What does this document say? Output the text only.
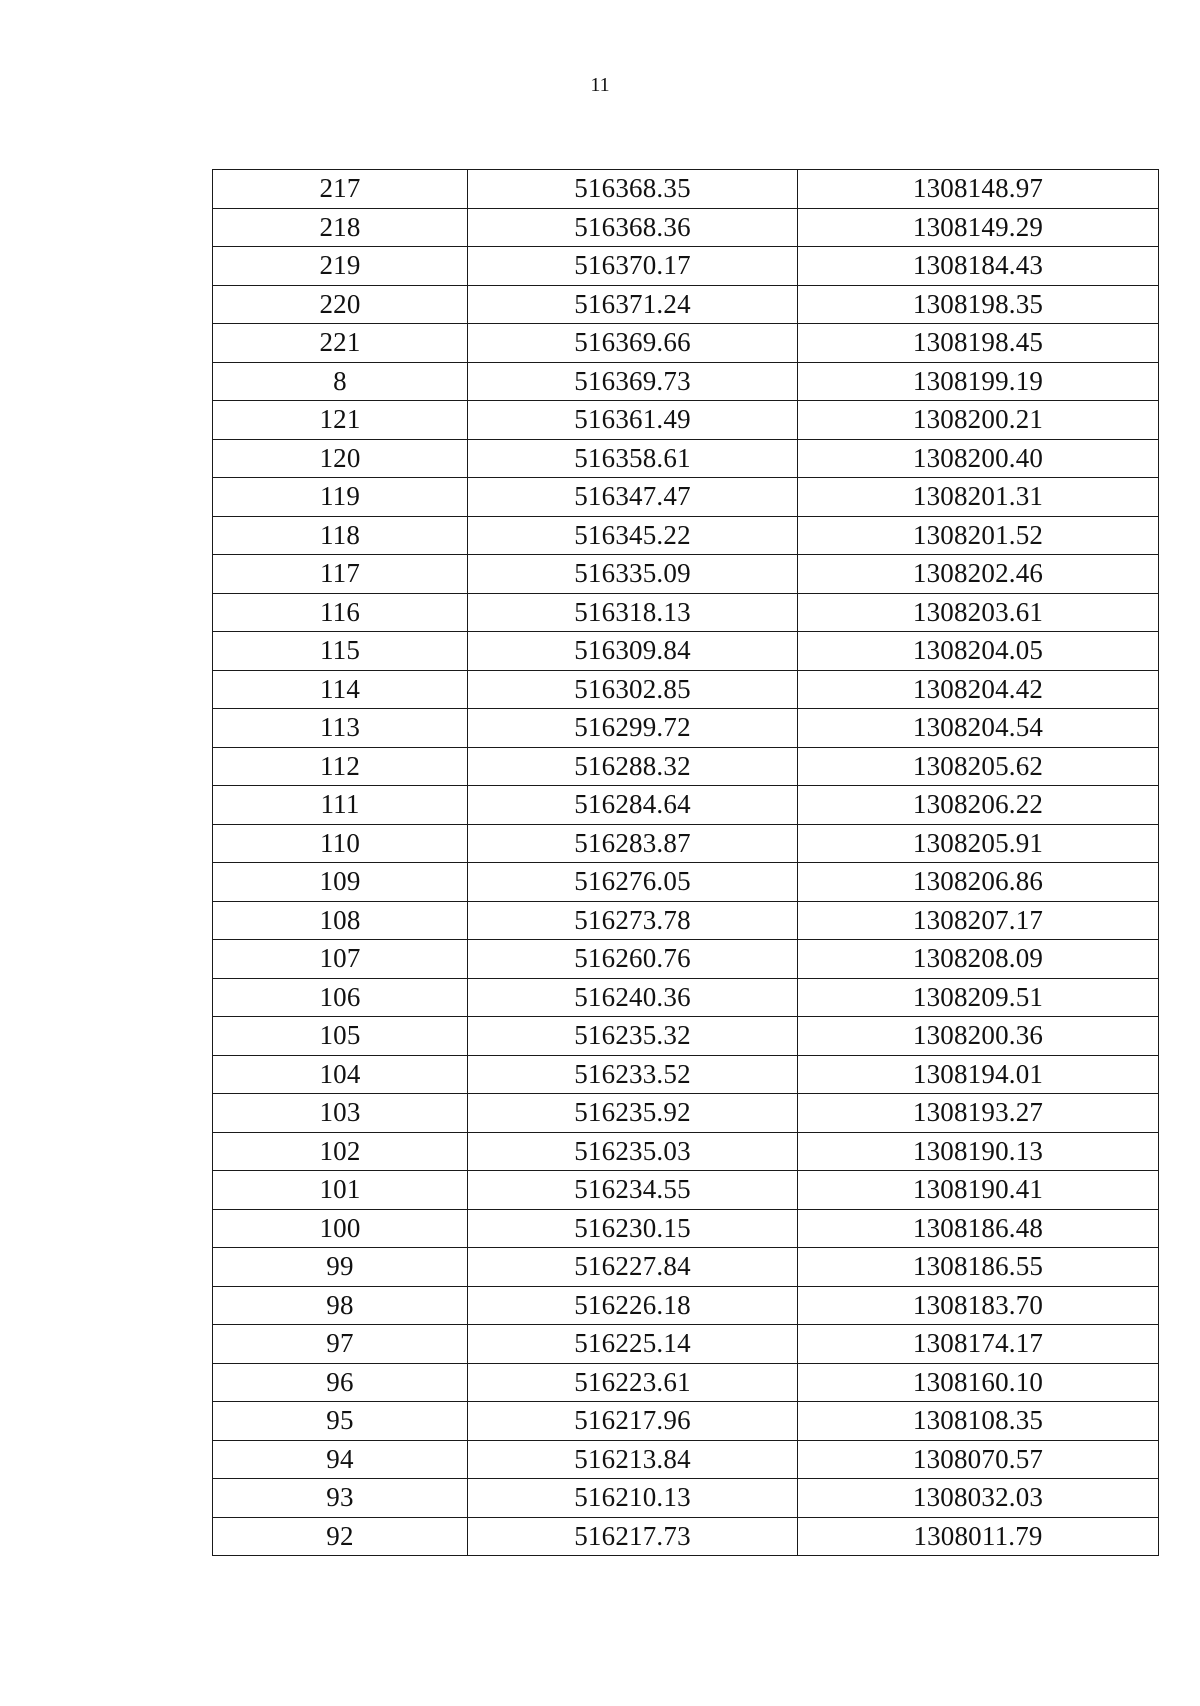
11
217	516368.35	1308148.97
218	516368.36	1308149.29
219	516370.17	1308184.43
220	516371.24	1308198.35
221	516369.66	1308198.45
8	516369.73	1308199.19
121	516361.49	1308200.21
120	516358.61	1308200.40
119	516347.47	1308201.31
118	516345.22	1308201.52
117	516335.09	1308202.46
116	516318.13	1308203.61
115	516309.84	1308204.05
114	516302.85	1308204.42
113	516299.72	1308204.54
112	516288.32	1308205.62
111	516284.64	1308206.22
110	516283.87	1308205.91
109	516276.05	1308206.86
108	516273.78	1308207.17
107	516260.76	1308208.09
106	516240.36	1308209.51
105	516235.32	1308200.36
104	516233.52	1308194.01
103	516235.92	1308193.27
102	516235.03	1308190.13
101	516234.55	1308190.41
100	516230.15	1308186.48
99	516227.84	1308186.55
98	516226.18	1308183.70
97	516225.14	1308174.17
96	516223.61	1308160.10
95	516217.96	1308108.35
94	516213.84	1308070.57
93	516210.13	1308032.03
92	516217.73	1308011.79
